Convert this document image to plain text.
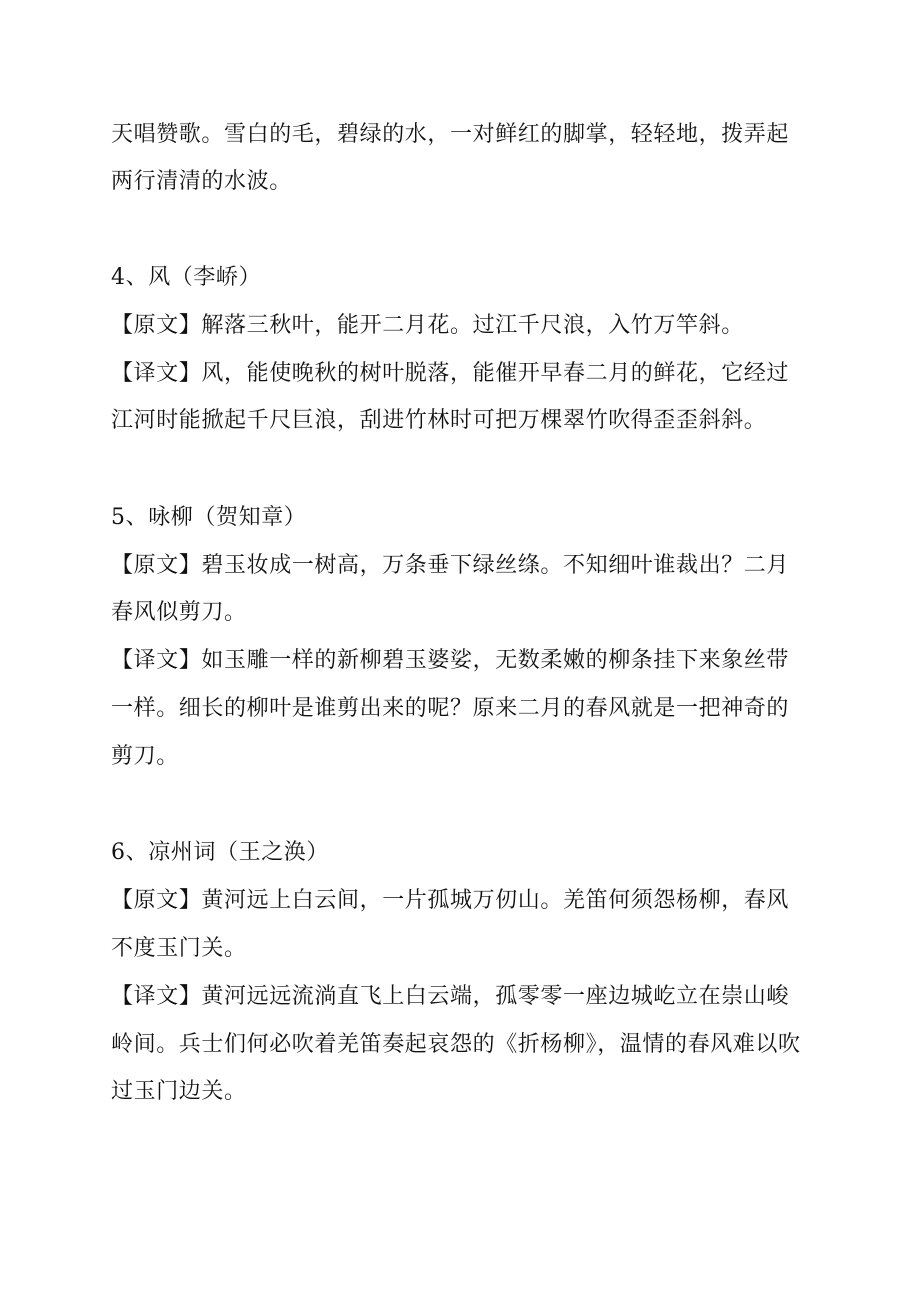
天唱赞歌。雪白的毛，碧绿的水，一对鲜红的脚掌，轻轻地，拨弄起
两行清清的水波。
4、风（李峤）
【原文】解落三秋叶，能开二月花。过江千尺浪，入竹万竿斜。
【译文】风，能使晚秋的树叶脱落，能催开早春二月的鲜花，它经过
江河时能掀起千尺巨浪，刮进竹林时可把万棵翠竹吹得歪歪斜斜。
5、咏柳（贺知章）
【原文】碧玉妆成一树高，万条垂下绿丝绦。不知细叶谁裁出？二月
春风似剪刀。
【译文】如玉雕一样的新柳碧玉婆娑，无数柔嫩的柳条挂下来象丝带
一样。细长的柳叶是谁剪出来的呢？原来二月的春风就是一把神奇的
剪刀。
6、凉州词（王之涣）
【原文】黄河远上白云间，一片孤城万仞山。羌笛何须怨杨柳，春风
不度玉门关。
【译文】黄河远远流淌直飞上白云端，孤零零一座边城屹立在崇山峻
岭间。兵士们何必吹着羌笛奏起哀怨的《折杨柳》，温情的春风难以吹
过玉门边关。
